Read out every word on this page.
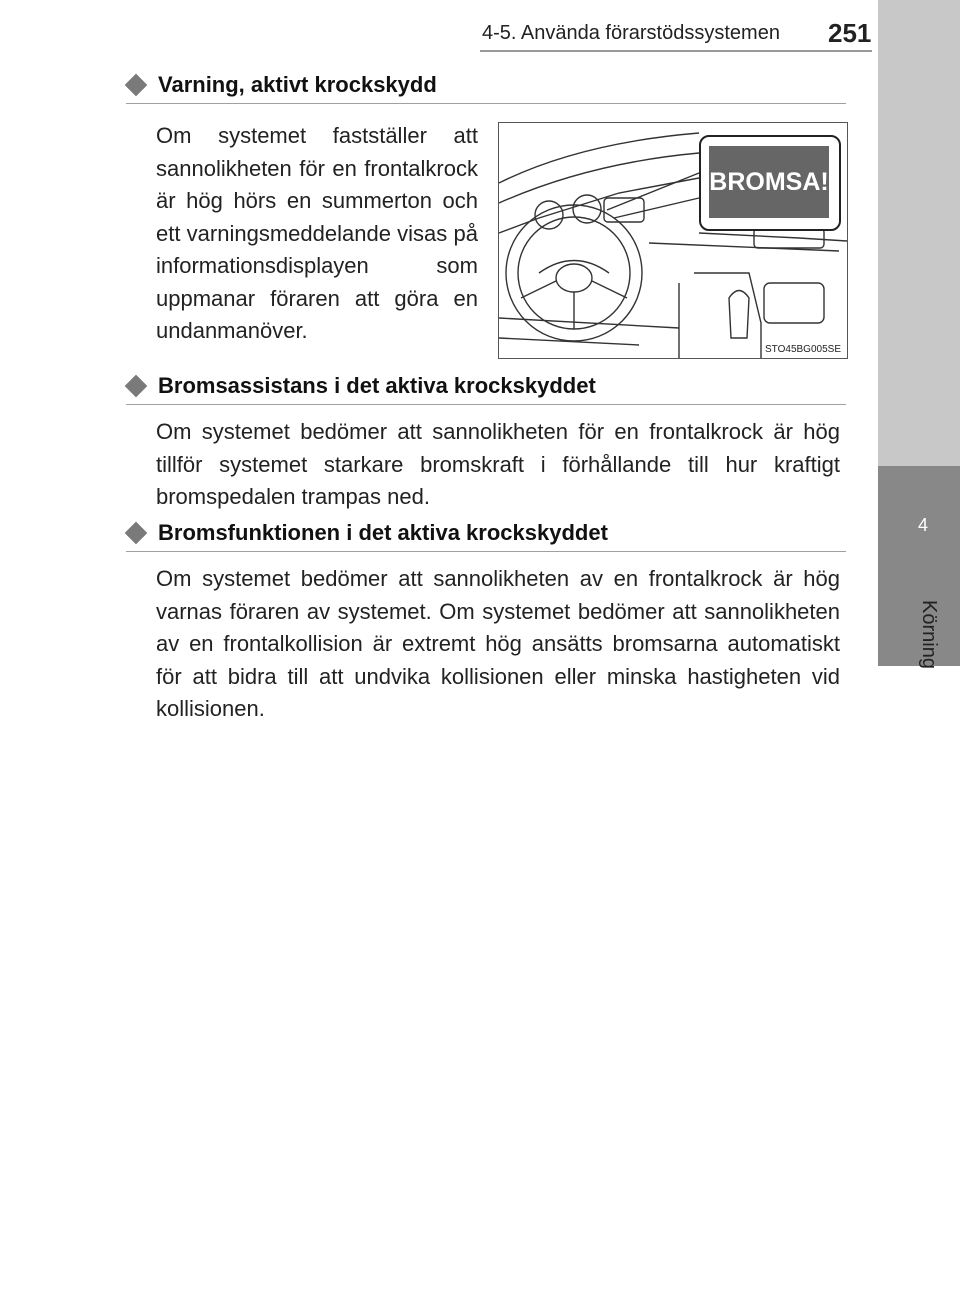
4-5. Använda förarstödssystemen 251
4
Körning
Varning, aktivt krockskydd
Om systemet fastställer att sannolikheten för en frontalkrock är hög hörs en summerton och ett varningsmeddelande visas på informationsdisplayen som uppmanar föraren att göra en undanmanöver.
BROMSA!
STO45BG005SE
Bromsassistans i det aktiva krockskyddet
Om systemet bedömer att sannolikheten för en frontalkrock är hög tillför systemet starkare bromskraft i förhållande till hur kraftigt bromspedalen trampas ned.
Bromsfunktionen i det aktiva krockskyddet
Om systemet bedömer att sannolikheten av en frontalkrock är hög varnas föraren av systemet. Om systemet bedömer att sannolikheten av en frontalkollision är extremt hög ansätts bromsarna automatiskt för att bidra till att undvika kollisionen eller minska hastigheten vid kollisionen.
